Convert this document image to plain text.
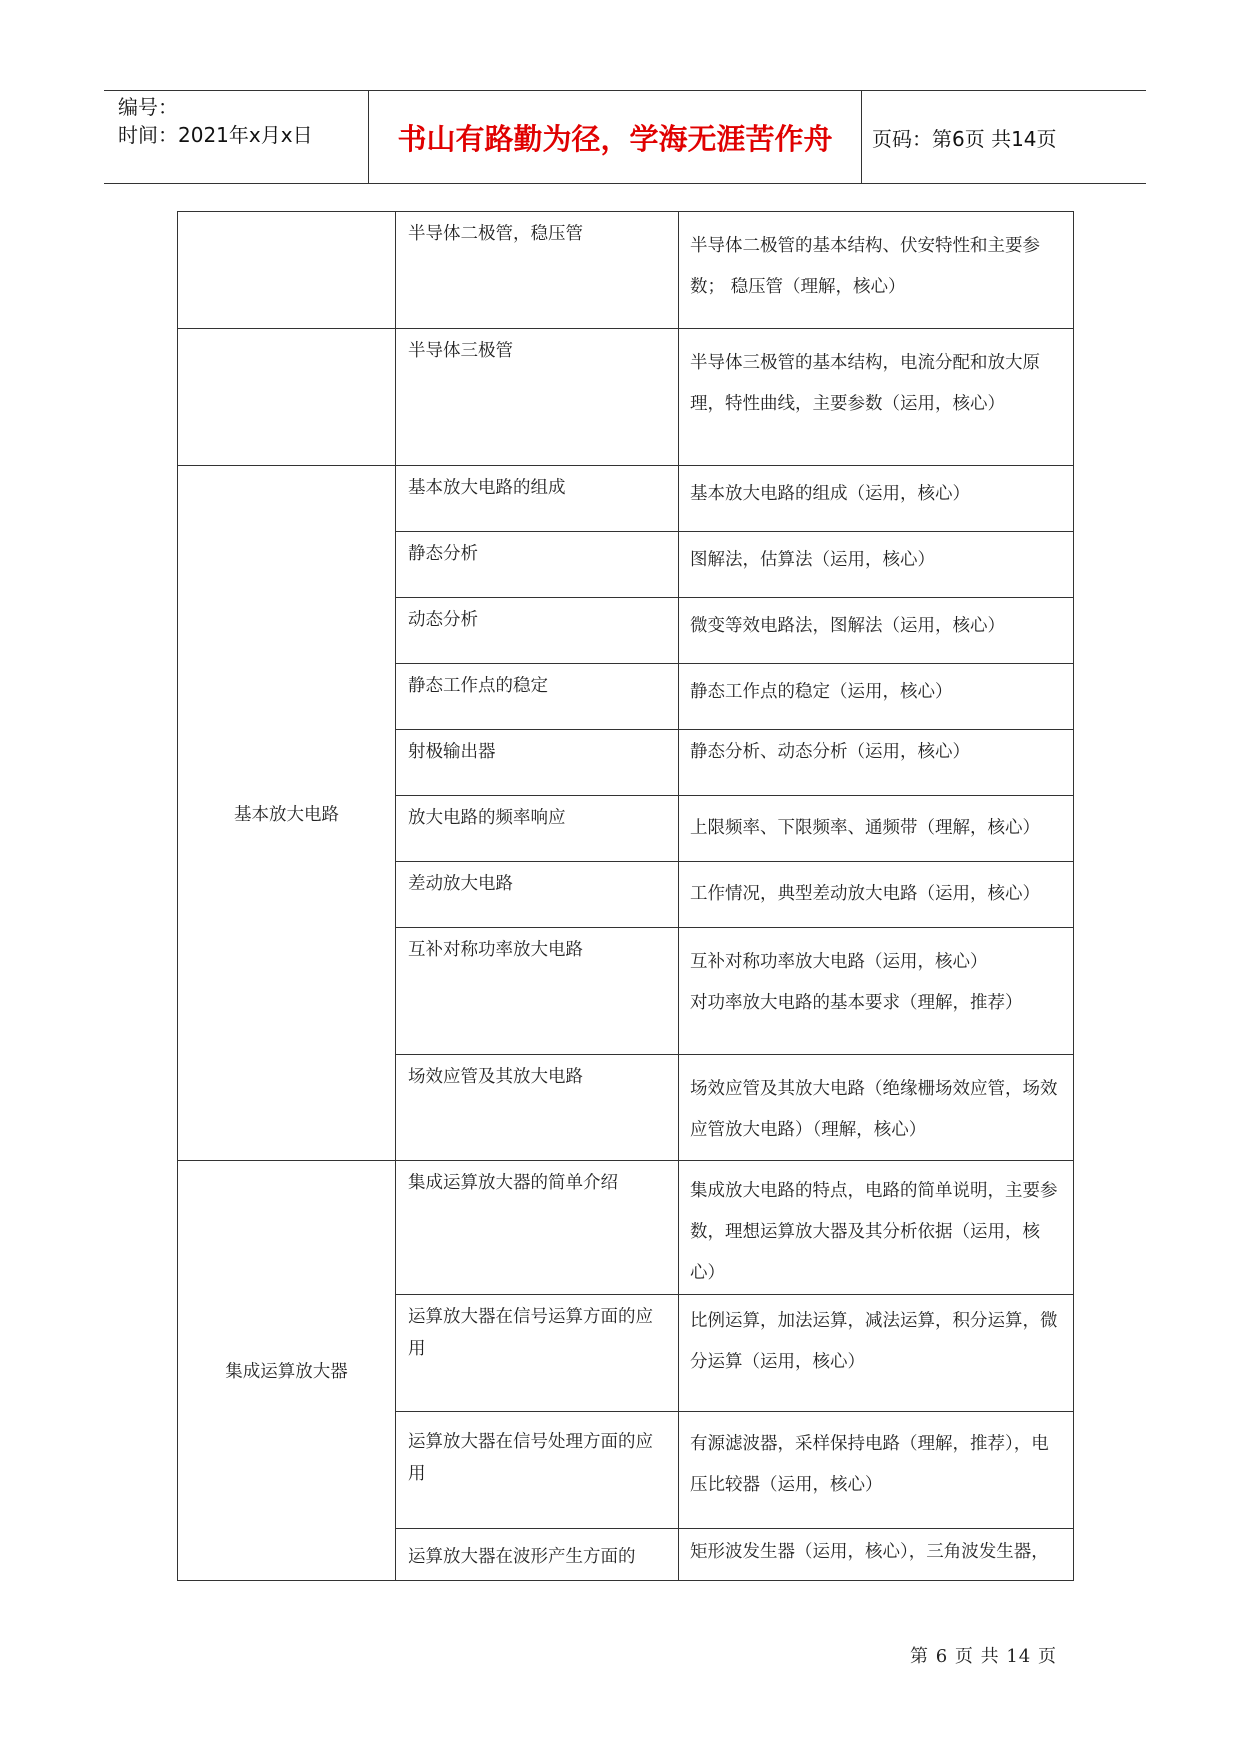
编号：
时间：2021年x月x日	书山有路勤为径，学海无涯苦作舟	页码：第6页 共14页

	半导体二极管，稳压管	半导体二极管的基本结构、伏安特性和主要参数； 稳压管（理解，核心）

	半导体三极管	半导体三极管的基本结构，电流分配和放大原理，特性曲线，主要参数（运用，核心）

基本放大电路	基本放大电路的组成	基本放大电路的组成（运用，核心）

	静态分析	图解法，估算法（运用，核心）

	动态分析	微变等效电路法，图解法（运用，核心）

	静态工作点的稳定	静态工作点的稳定（运用，核心）

	射极输出器	静态分析、动态分析（运用，核心）

	放大电路的频率响应	上限频率、下限频率、通频带（理解，核心）

	差动放大电路	工作情况，典型差动放大电路（运用，核心）

	互补对称功率放大电路	互补对称功率放大电路（运用，核心）
对功率放大电路的基本要求（理解，推荐）

	场效应管及其放大电路	场效应管及其放大电路（绝缘栅场效应管，场效应管放大电路）（理解，核心）

集成运算放大器	集成运算放大器的简单介绍	集成放大电路的特点，电路的简单说明，主要参数，理想运算放大器及其分析依据（运用，核心）

	运算放大器在信号运算方面的应用	比例运算，加法运算，减法运算，积分运算，微分运算（运用，核心）

	运算放大器在信号处理方面的应用	有源滤波器，采样保持电路（理解，推荐），电压比较器（运用，核心）

	运算放大器在波形产生方面的	矩形波发生器（运用，核心），三角波发生器，
第 6 页 共 14 页
